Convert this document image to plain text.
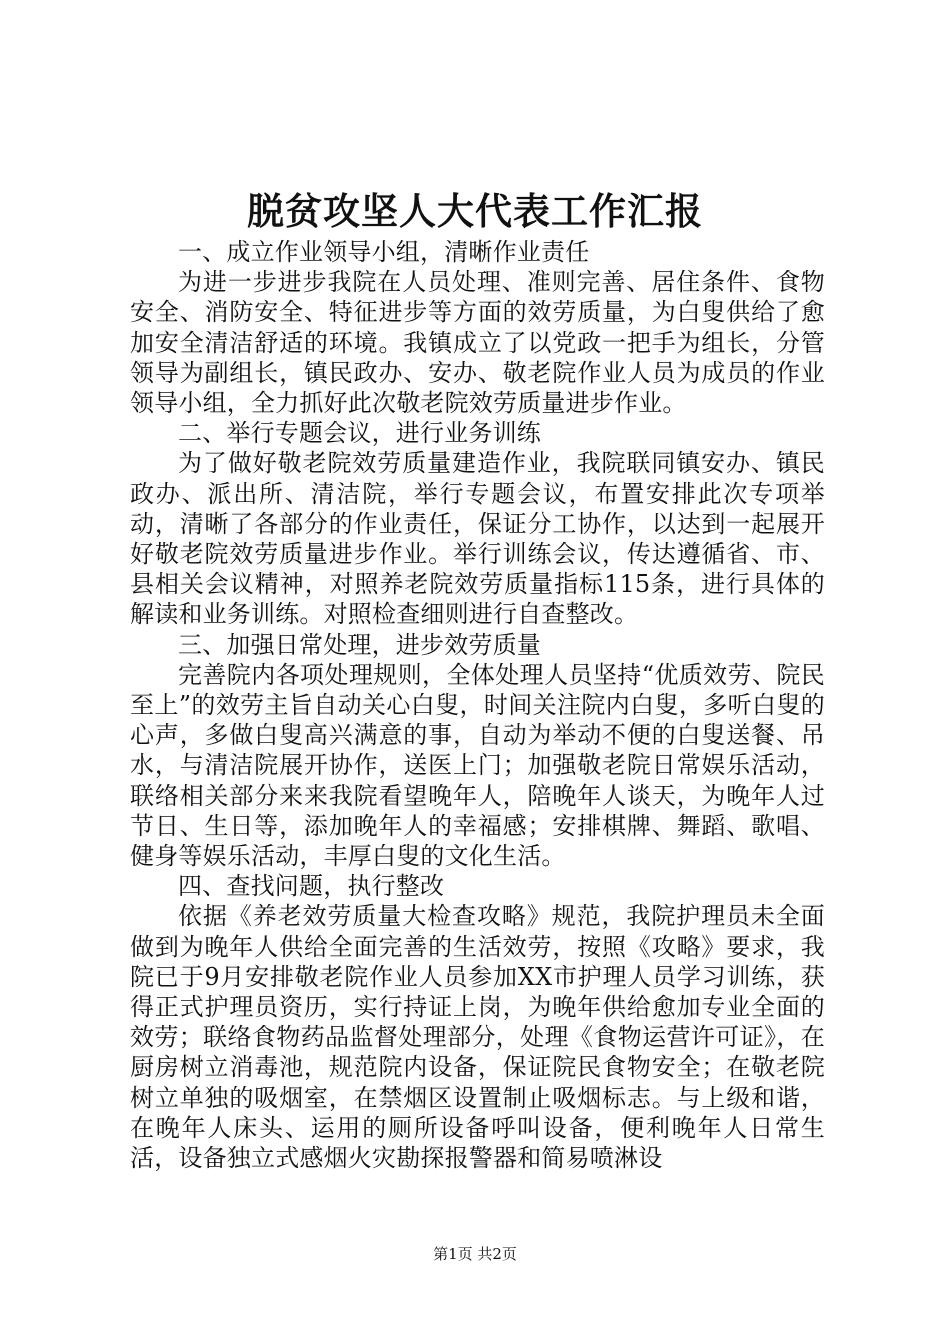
脱贫攻坚人大代表工作汇报

一、成立作业领导小组，清晰作业责任

为进一步进步我院在人员处理、准则完善、居住条件、食物安全、消防安全、特征进步等方面的效劳质量，为白叟供给了愈加安全清洁舒适的环境。我镇成立了以党政一把手为组长，分管领导为副组长，镇民政办、安办、敬老院作业人员为成员的作业领导小组，全力抓好此次敬老院效劳质量进步作业。

二、举行专题会议，进行业务训练

为了做好敬老院效劳质量建造作业，我院联同镇安办、镇民政办、派出所、清洁院，举行专题会议，布置安排此次专项举动，清晰了各部分的作业责任，保证分工协作，以达到一起展开好敬老院效劳质量进步作业。举行训练会议，传达遵循省、市、县相关会议精神，对照养老院效劳质量指标115条，进行具体的解读和业务训练。对照检查细则进行自查整改。

三、加强日常处理，进步效劳质量

完善院内各项处理规则，全体处理人员坚持“优质效劳、院民至上”的效劳主旨自动关心白叟，时间关注院内白叟，多听白叟的心声，多做白叟高兴满意的事，自动为举动不便的白叟送餐、吊水，与清洁院展开协作，送医上门；加强敬老院日常娱乐活动，联络相关部分来来我院看望晚年人，陪晚年人谈天，为晚年人过节日、生日等，添加晚年人的幸福感；安排棋牌、舞蹈、歌唱、健身等娱乐活动，丰厚白叟的文化生活。

四、查找问题，执行整改

依据《养老效劳质量大检查攻略》规范，我院护理员未全面做到为晚年人供给全面完善的生活效劳，按照《攻略》要求，我院已于9月安排敬老院作业人员参加XX市护理人员学习训练，获得正式护理员资历，实行持证上岗，为晚年供给愈加专业全面的效劳；联络食物药品监督处理部分，处理《食物运营许可证》，在厨房树立消毒池，规范院内设备，保证院民食物安全；在敬老院树立单独的吸烟室，在禁烟区设置制止吸烟标志。与上级和谐，在晚年人床头、运用的厕所设备呼叫设备，便利晚年人日常生活，设备独立式感烟火灾勘探报警器和简易喷淋设

第1页 共2页
